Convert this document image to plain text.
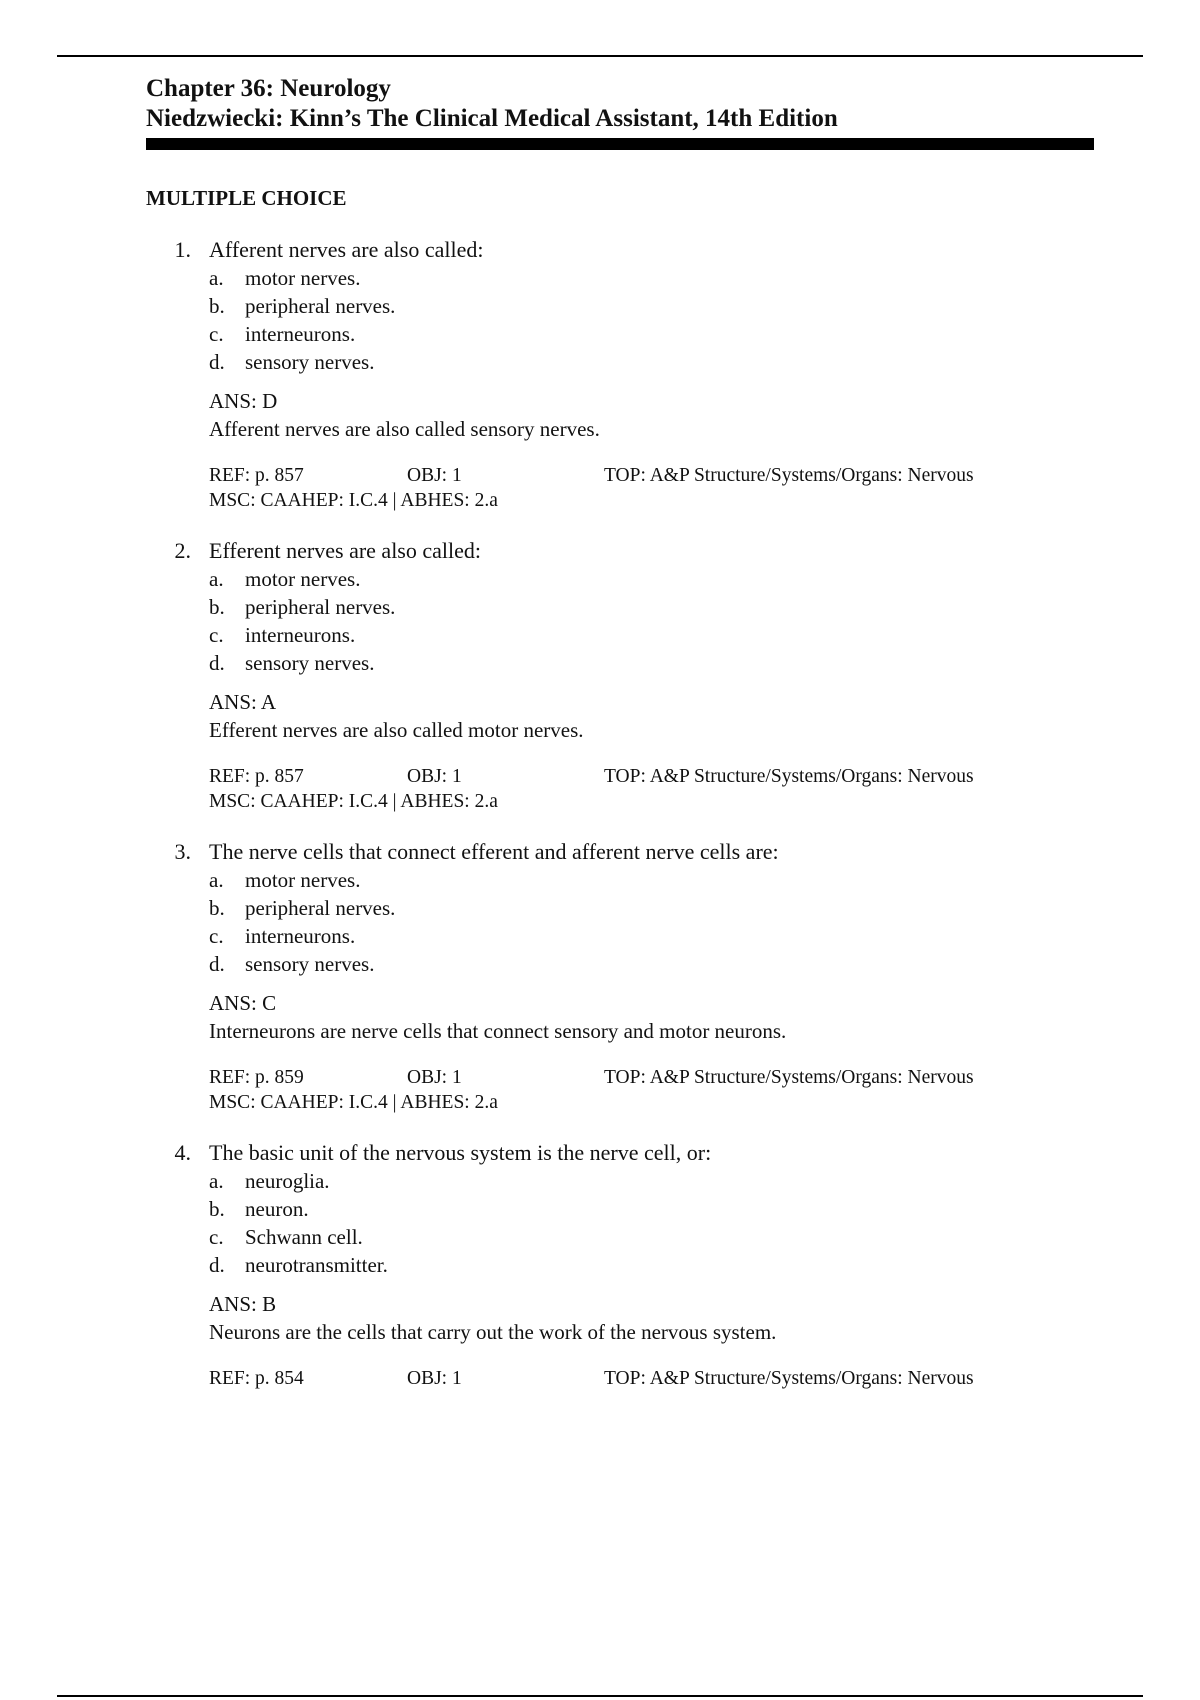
Chapter 36: Neurology
Niedzwiecki: Kinn’s The Clinical Medical Assistant, 14th Edition
MULTIPLE CHOICE
1. Afferent nerves are also called:
a.	motor nerves.
b. peripheral nerves.
c.	interneurons.
d. sensory nerves.
ANS: D
Afferent nerves are also called sensory nerves.
REF: p. 857	OBJ: 1	TOP: A&P Structure/Systems/Organs: Nervous
MSC: CAAHEP: I.C.4 | ABHES: 2.a
2. Efferent nerves are also called:
a.	motor nerves.
b. peripheral nerves.
c.	interneurons.
d. sensory nerves.
ANS: A
Efferent nerves are also called motor nerves.
REF: p. 857	OBJ: 1	TOP: A&P Structure/Systems/Organs: Nervous
MSC: CAAHEP: I.C.4 | ABHES: 2.a
3. The nerve cells that connect efferent and afferent nerve cells are:
a.	motor nerves.
b. peripheral nerves.
c.	interneurons.
d. sensory nerves.
ANS: C
Interneurons are nerve cells that connect sensory and motor neurons.
REF: p. 859	OBJ: 1	TOP: A&P Structure/Systems/Organs: Nervous
MSC: CAAHEP: I.C.4 | ABHES: 2.a
4. The basic unit of the nervous system is the nerve cell, or:
a.	neuroglia.
b. neuron.
c.	Schwann cell.
d. neurotransmitter.
ANS: B
Neurons are the cells that carry out the work of the nervous system.
REF: p. 854	OBJ: 1	TOP: A&P Structure/Systems/Organs: Nervous
